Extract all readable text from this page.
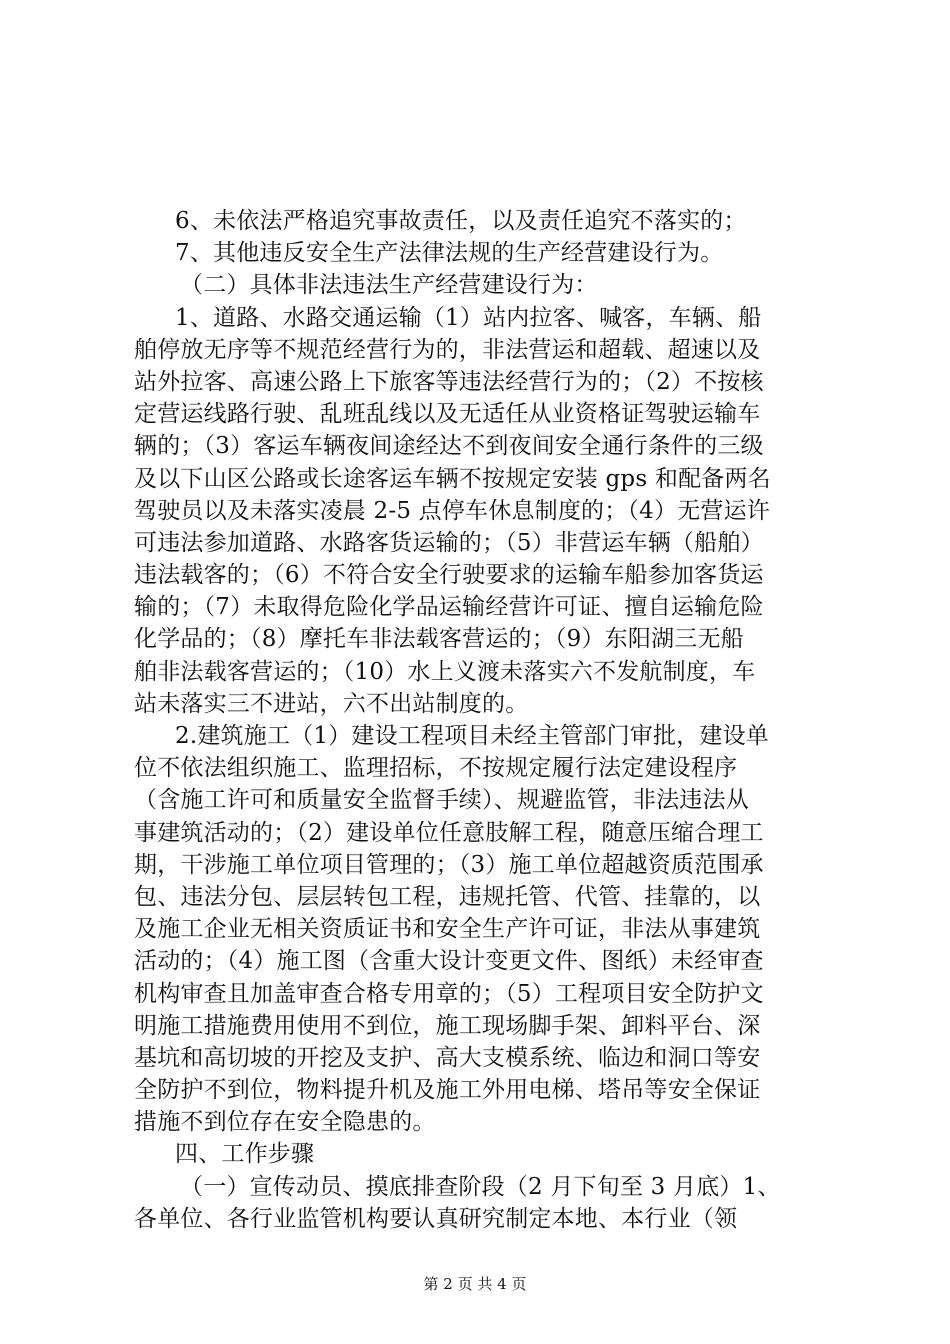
6、未依法严格追究事故责任，以及责任追究不落实的；
7、其他违反安全生产法律法规的生产经营建设行为。
（二）具体非法违法生产经营建设行为：
1、道路、水路交通运输（1）站内拉客、喊客，车辆、船
舶停放无序等不规范经营行为的，非法营运和超载、超速以及
站外拉客、高速公路上下旅客等违法经营行为的；（2）不按核
定营运线路行驶、乱班乱线以及无适任从业资格证驾驶运输车
辆的；（3）客运车辆夜间途经达不到夜间安全通行条件的三级
及以下山区公路或长途客运车辆不按规定安装 gps 和配备两名
驾驶员以及未落实凌晨 2-5 点停车休息制度的；（4）无营运许
可违法参加道路、水路客货运输的；（5）非营运车辆（船舶）
违法载客的；（6）不符合安全行驶要求的运输车船参加客货运
输的；（7）未取得危险化学品运输经营许可证、擅自运输危险
化学品的；（8）摩托车非法载客营运的；（9）东阳湖三无船
舶非法载客营运的；（10）水上义渡未落实六不发航制度，车
站未落实三不进站，六不出站制度的。
2.建筑施工（1）建设工程项目未经主管部门审批，建设单
位不依法组织施工、监理招标，不按规定履行法定建设程序
（含施工许可和质量安全监督手续）、规避监管，非法违法从
事建筑活动的；（2）建设单位任意肢解工程，随意压缩合理工
期，干涉施工单位项目管理的；（3）施工单位超越资质范围承
包、违法分包、层层转包工程，违规托管、代管、挂靠的，以
及施工企业无相关资质证书和安全生产许可证，非法从事建筑
活动的；（4）施工图（含重大设计变更文件、图纸）未经审查
机构审查且加盖审查合格专用章的；（5）工程项目安全防护文
明施工措施费用使用不到位，施工现场脚手架、卸料平台、深
基坑和高切坡的开挖及支护、高大支模系统、临边和洞口等安
全防护不到位，物料提升机及施工外用电梯、塔吊等安全保证
措施不到位存在安全隐患的。
四、工作步骤
（一）宣传动员、摸底排查阶段（2 月下旬至 3 月底）1、
各单位、各行业监管机构要认真研究制定本地、本行业（领
第 2 页 共 4 页
